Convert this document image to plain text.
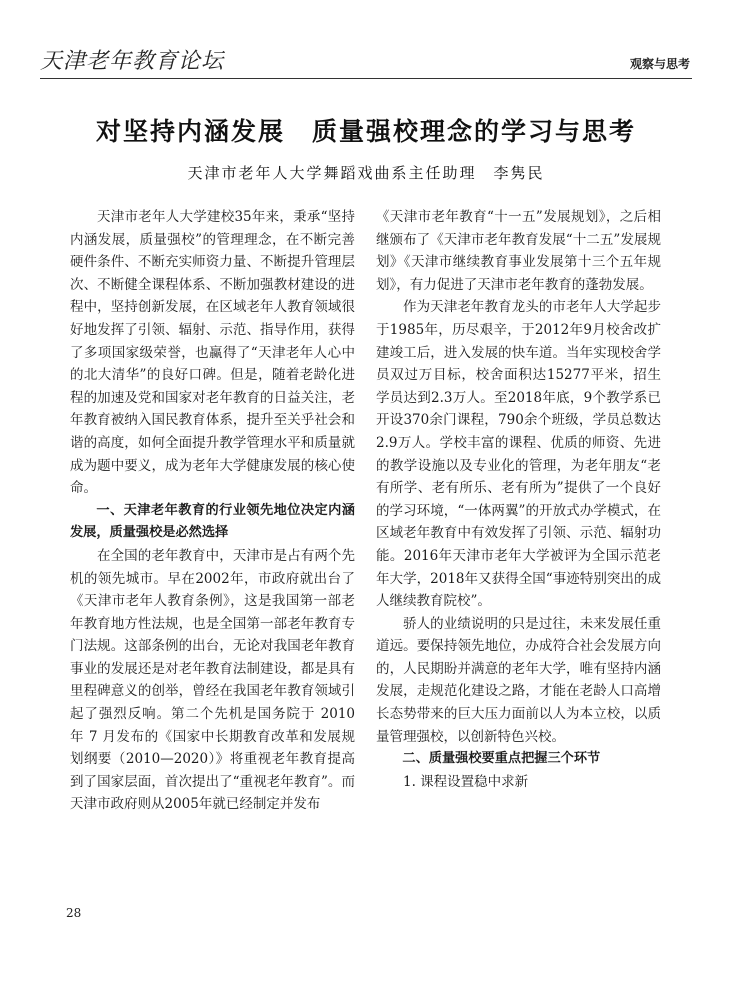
天津老年教育论坛	观察与思考
对坚持内涵发展　质量强校理念的学习与思考
天津市老年人大学舞蹈戏曲系主任助理　李隽民

天津市老年人大学建校35年来，秉承“坚持内涵发展，质量强校”的管理理念，在不断完善硬件条件、不断充实师资力量、不断提升管理层次、不断健全课程体系、不断加强教材建设的进程中，坚持创新发展，在区域老年人教育领域很好地发挥了引领、辐射、示范、指导作用，获得了多项国家级荣誉，也赢得了“天津老年人心中的北大清华”的良好口碑。但是，随着老龄化进程的加速及党和国家对老年教育的日益关注，老年教育被纳入国民教育体系，提升至关乎社会和谐的高度，如何全面提升教学管理水平和质量就成为题中要义，成为老年大学健康发展的核心使命。

一、天津老年教育的行业领先地位决定内涵发展，质量强校是必然选择

在全国的老年教育中，天津市是占有两个先机的领先城市。早在2002年，市政府就出台了《天津市老年人教育条例》，这是我国第一部老年教育地方性法规，也是全国第一部老年教育专门法规。这部条例的出台，无论对我国老年教育事业的发展还是对老年教育法制建设，都是具有里程碑意义的创举，曾经在我国老年教育领域引起了强烈反响。第二个先机是国务院于 2010 年 7 月发布的《国家中长期教育改革和发展规划纲要（2010—2020）》将重视老年教育提高到了国家层面，首次提出了“重视老年教育”。而天津市政府则从2005年就已经制定并发布

《天津市老年教育“十一五”发展规划》，之后相继颁布了《天津市老年教育发展“十二五”发展规划》《天津市继续教育事业发展第十三个五年规划》，有力促进了天津市老年教育的蓬勃发展。

作为天津老年教育龙头的市老年人大学起步于1985年，历尽艰辛，于2012年9月校舍改扩建竣工后，进入发展的快车道。当年实现校舍学员双过万目标，校舍面积达15277平米，招生学员达到2.3万人。至2018年底，9个教学系已开设370余门课程，790余个班级，学员总数达2.9万人。学校丰富的课程、优质的师资、先进的教学设施以及专业化的管理，为老年朋友“老有所学、老有所乐、老有所为”提供了一个良好的学习环境，“一体两翼”的开放式办学模式，在区域老年教育中有效发挥了引领、示范、辐射功能。2016年天津市老年大学被评为全国示范老年大学，2018年又获得全国“事迹特别突出的成人继续教育院校”。

骄人的业绩说明的只是过往，未来发展任重道远。要保持领先地位，办成符合社会发展方向的，人民期盼并满意的老年大学，唯有坚持内涵发展，走规范化建设之路，才能在老龄人口高增长态势带来的巨大压力面前以人为本立校，以质量管理强校，以创新特色兴校。

二、质量强校要重点把握三个环节

1. 课程设置稳中求新

28
